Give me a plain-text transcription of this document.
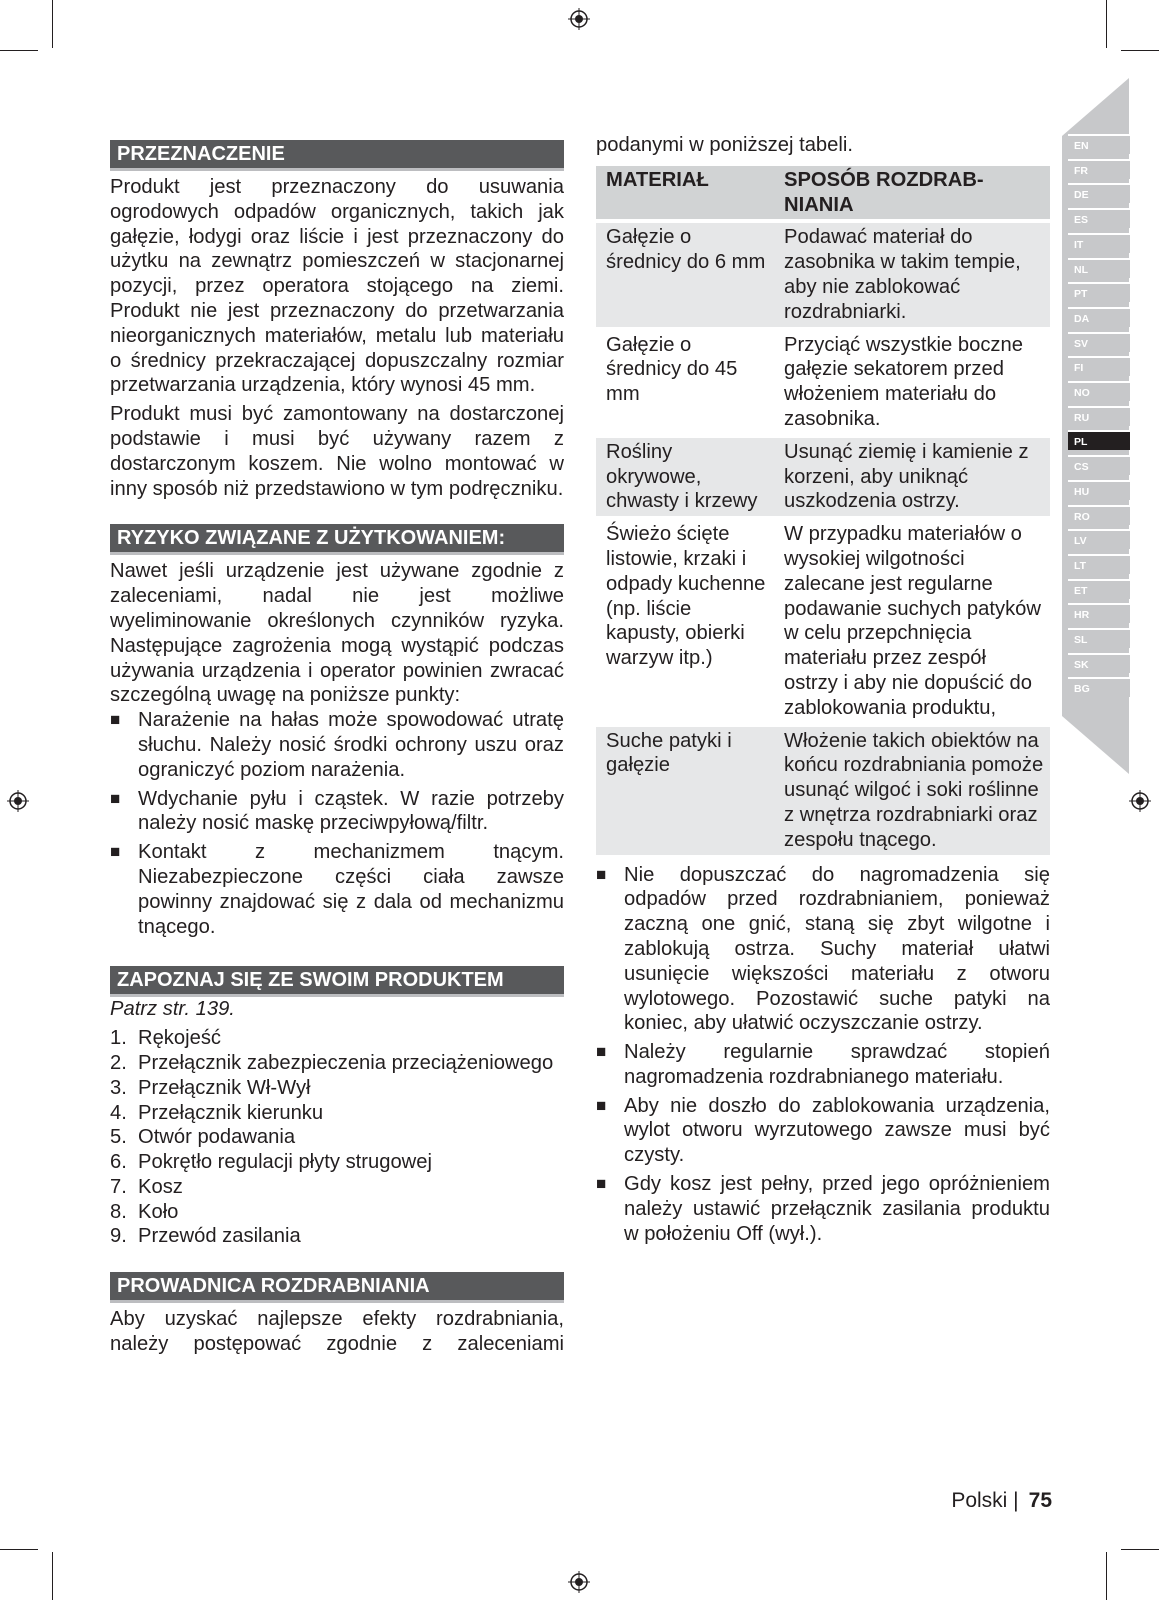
EN
FR
DE
ES
IT
NL
PT
DA
SV
FI
NO
RU
PL
CS
HU
RO
LV
LT
ET
HR
SL
SK
BG
PRZEZNACZENIE

Produkt jest przeznaczony do usuwania ogrodowych odpadów organicznych, takich jak gałęzie, łodygi oraz liście i jest przeznaczony do użytku na zewnątrz pomieszczeń w stacjonarnej pozycji, przez operatora stojącego na ziemi. Produkt nie jest przeznaczony do przetwarzania nieorganicznych materiałów, metalu lub materiału o średnicy przekraczającej dopuszczalny rozmiar przetwarzania urządzenia, który wynosi 45 mm.

Produkt musi być zamontowany na dostarczonej podstawie i musi być używany razem z dostarczonym koszem. Nie wolno montować w inny sposób niż przedstawiono w tym podręczniku.

RYZYKO ZWIĄZANE Z UŻYTKOWANIEM:

Nawet jeśli urządzenie jest używane zgodnie z zaleceniami, nadal nie jest możliwe wyeliminowanie określonych czynników ryzyka. Następujące zagrożenia mogą wystąpić podczas używania urządzenia i operator powinien zwracać szczególną uwagę na poniższe punkty:

■ Narażenie na hałas może spowodować utratę słuchu. Należy nosić środki ochrony uszu oraz ograniczyć poziom narażenia.
■ Wdychanie pyłu i cząstek. W razie potrzeby należy nosić maskę przeciwpyłową/filtr.
■ Kontakt z mechanizmem tnącym. Niezabezpieczone części ciała zawsze powinny znajdować się z dala od mechanizmu tnącego.
ZAPOZNAJ SIĘ ZE SWOIM PRODUKTEM
Patrz str. 139.
1. Rękojeść
2. Przełącznik zabezpieczenia przeciążeniowego
3. Przełącznik Wł-Wył
4. Przełącznik kierunku
5. Otwór podawania
6. Pokrętło regulacji płyty strugowej
7. Kosz
8. Koło
9. Przewód zasilania
PROWADNICA ROZDRABNIANIA

Aby uzyskać najlepsze efekty rozdrabniania, należy postępować zgodnie z zaleceniami

podanymi w poniższej tabeli.
MATERIAŁ	SPOSÓB ROZDRAB-NIANIA
Gałęzie o średnicy do 6 mm	Podawać materiał do zasobnika w takim tempie, aby nie zablokować rozdrabniarki.
Gałęzie o średnicy do 45 mm	Przyciąć wszystkie boczne gałęzie sekatorem przed włożeniem materiału do zasobnika.
Rośliny okrywowe, chwasty i krzewy	Usunąć ziemię i kamienie z korzeni, aby uniknąć uszkodzenia ostrzy.
Świeżo ścięte listowie, krzaki i odpady kuchenne (np. liście kapusty, obierki warzyw itp.)	W przypadku materiałów o wysokiej wilgotności zalecane jest regularne podawanie suchych patyków w celu przepchnięcia materiału przez zespół ostrzy i aby nie dopuścić do zablokowania produktu,
Suche patyki i gałęzie	Włożenie takich obiektów na końcu rozdrabniania pomoże usunąć wilgoć i soki roślinne z wnętrza rozdrabniarki oraz zespołu tnącego.
■ Nie dopuszczać do nagromadzenia się odpadów przed rozdrabnianiem, ponieważ zaczną one gnić, staną się zbyt wilgotne i zablokują ostrza. Suchy materiał ułatwi usunięcie większości materiału z otworu wylotowego. Pozostawić suche patyki na koniec, aby ułatwić oczyszczanie ostrzy.
■ Należy regularnie sprawdzać stopień nagromadzenia rozdrabnianego materiału.
■ Aby nie doszło do zablokowania urządzenia, wylot otworu wyrzutowego zawsze musi być czysty.
■ Gdy kosz jest pełny, przed jego opróżnieniem należy ustawić przełącznik zasilania produktu w położeniu Off (wył.).
Polski | 75
